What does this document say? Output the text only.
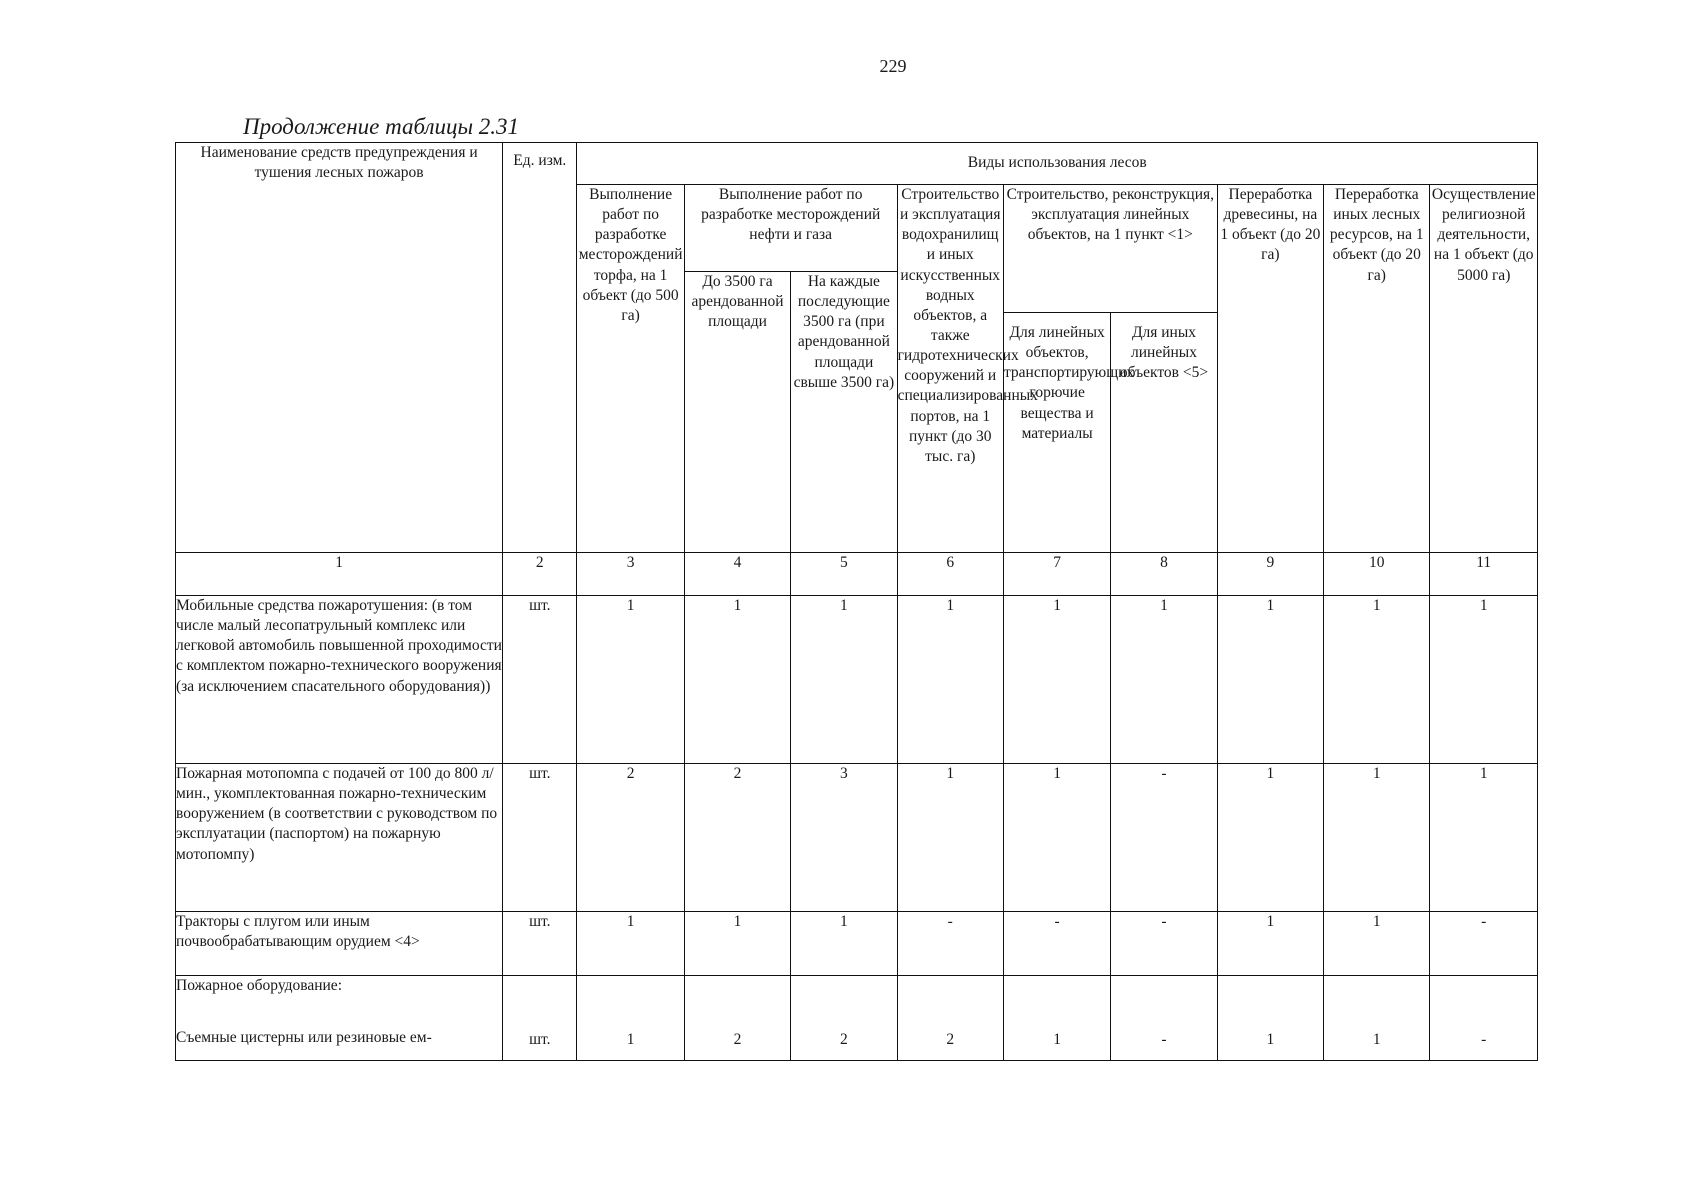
229
Продолжение таблицы 2.31
Наименование средств предупреждения и тушения лесных пожаров	Ед. изм.	Виды использования лесов								
		Выполнение работ по разработке месторождений торфа, на 1 объект (до 500 га)	Выполнение работ по разработке месторождений нефти и газа		Строительство и эксплуатация водохранилищ и иных искусственных водных объектов, а также гидротехнических сооружений и специализированных портов, на 1 пункт (до 30 тыс. га)	Строительство, реконструкция, эксплуатация линейных объектов, на 1 пункт <1>		Переработка древесины, на 1 объект (до 20 га)	Переработка иных лесных ресурсов, на 1 объект (до 20 га)	Осуществление религиозной деятельности, на 1 объект (до 5000 га)
			До 3500 га арендованной площади	На каждые последующие 3500 га (при арендованной площади свыше 3500 га)						
						Для линейных объектов, транспортирующих горючие вещества и материалы	Для иных линейных объектов <5>			
1	2	3	4	5	6	7	8	9	10	11
Мобильные средства пожаротушения: (в том числе малый лесопатрульный комплекс или легковой автомобиль повышенной проходимости с комплектом пожарно-технического вооружения (за исключением спасательного оборудования))	шт.	1	1	1	1	1	1	1	1	1
Пожарная мотопомпа с подачей от 100 до 800 л/мин., укомплектованная пожарно-техническим вооружением (в соответствии с руководством по эксплуатации (паспортом) на пожарную мотопомпу)	шт.	2	2	3	1	1	-	1	1	1
Тракторы с плугом или иным почвообрабатывающим орудием <4>	шт.	1	1	1	-	-	-	1	1	-
Пожарное оборудование:
Съемные цистерны или резиновые ем-	шт.	1	2	2	2	1	-	1	1	-
